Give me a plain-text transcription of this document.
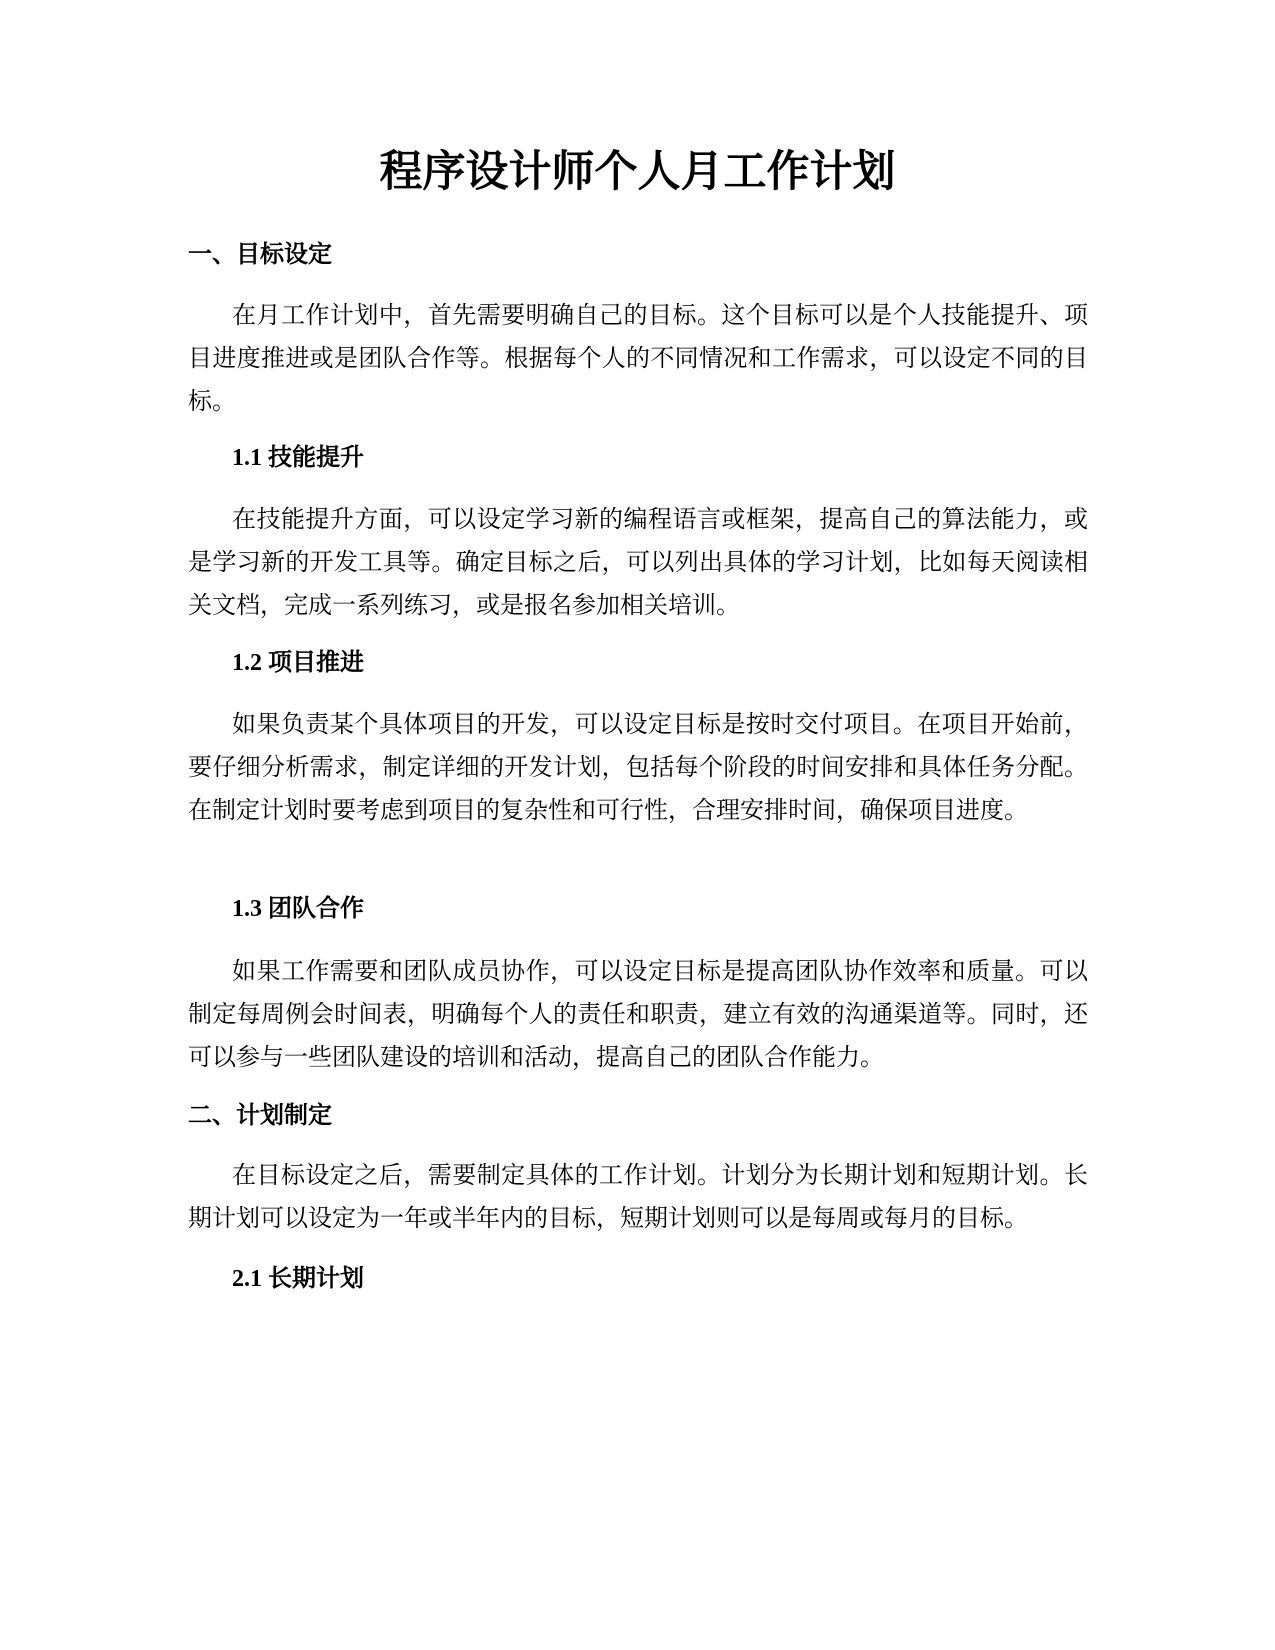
程序设计师个人月工作计划
一、目标设定

在月工作计划中，首先需要明确自己的目标。这个目标可以是个人技能提升、项目进度推进或是团队合作等。根据每个人的不同情况和工作需求，可以设定不同的目标。

1.1 技能提升

在技能提升方面，可以设定学习新的编程语言或框架，提高自己的算法能力，或是学习新的开发工具等。确定目标之后，可以列出具体的学习计划，比如每天阅读相关文档，完成一系列练习，或是报名参加相关培训。

1.2 项目推进

如果负责某个具体项目的开发，可以设定目标是按时交付项目。在项目开始前，要仔细分析需求，制定详细的开发计划，包括每个阶段的时间安排和具体任务分配。在制定计划时要考虑到项目的复杂性和可行性，合理安排时间，确保项目进度。

1.3 团队合作

如果工作需要和团队成员协作，可以设定目标是提高团队协作效率和质量。可以制定每周例会时间表，明确每个人的责任和职责，建立有效的沟通渠道等。同时，还可以参与一些团队建设的培训和活动，提高自己的团队合作能力。

二、计划制定

在目标设定之后，需要制定具体的工作计划。计划分为长期计划和短期计划。长期计划可以设定为一年或半年内的目标，短期计划则可以是每周或每月的目标。

2.1 长期计划
